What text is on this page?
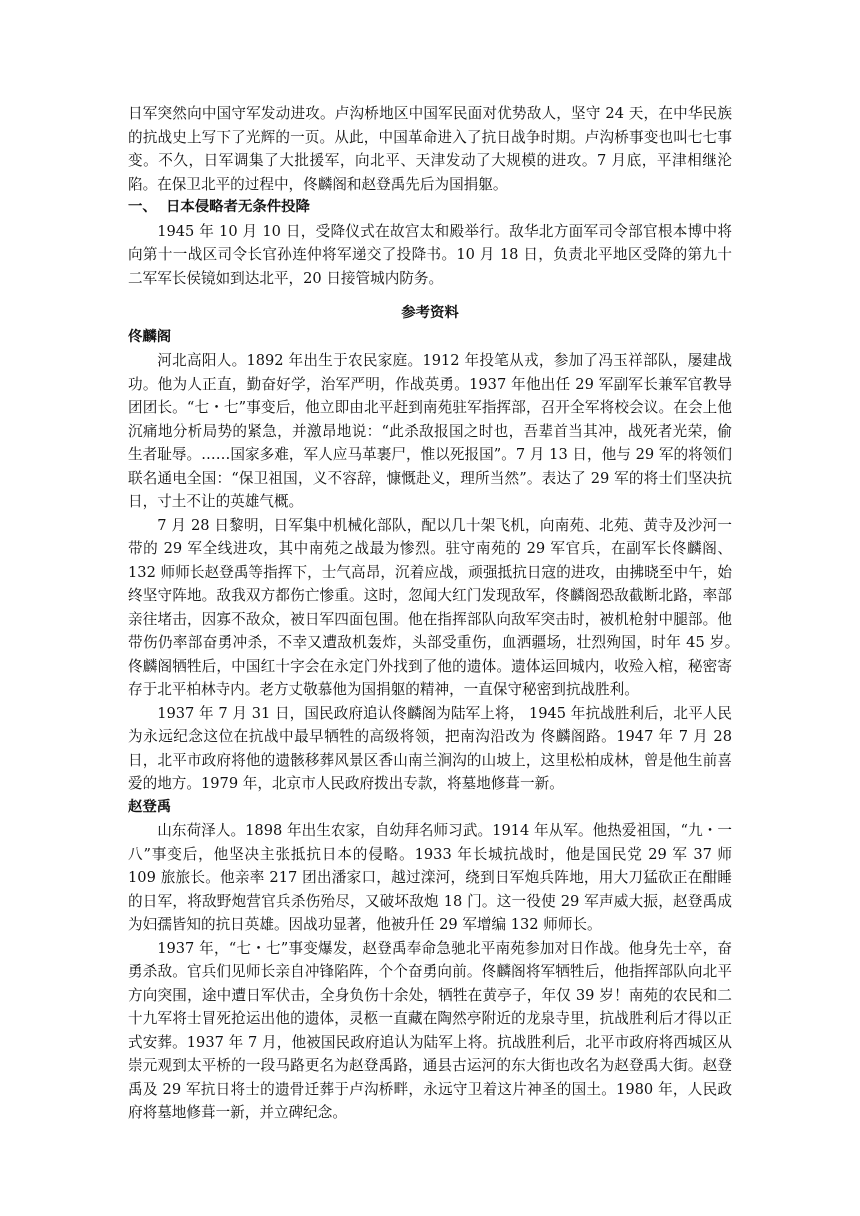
日军突然向中国守军发动进攻。卢沟桥地区中国军民面对优势敌人，坚守 24 天，在中华民族的抗战史上写下了光辉的一页。从此，中国革命进入了抗日战争时期。卢沟桥事变也叫七七事变。不久，日军调集了大批援军，向北平、天津发动了大规模的进攻。7 月底，平津相继沦陷。在保卫北平的过程中，佟麟阁和赵登禹先后为国捐躯。

一、 日本侵略者无条件投降

1945 年 10 月 10 日，受降仪式在故宫太和殿举行。敌华北方面军司令部官根本博中将向第十一战区司令长官孙连仲将军递交了投降书。10 月 18 日，负责北平地区受降的第九十二军军长侯镜如到达北平，20 日接管城内防务。

参考资料
佟麟阁

河北高阳人。1892 年出生于农民家庭。1912 年投笔从戎，参加了冯玉祥部队，屡建战功。他为人正直，勤奋好学，治军严明，作战英勇。1937 年他出任 29 军副军长兼军官教导团团长。“七・七”事变后，他立即由北平赶到南苑驻军指挥部，召开全军将校会议。在会上他沉痛地分析局势的紧急，并激昂地说：“此杀敌报国之时也，吾辈首当其冲，战死者光荣，偷生者耻辱。……国家多难，军人应马革裹尸，惟以死报国”。7 月 13 日，他与 29 军的将领们联名通电全国：“保卫祖国，义不容辞，慷慨赴义，理所当然”。表达了 29 军的将士们坚决抗日，寸土不让的英雄气概。

7 月 28 日黎明，日军集中机械化部队，配以几十架飞机，向南苑、北苑、黄寺及沙河一带的 29 军全线进攻，其中南苑之战最为惨烈。驻守南苑的 29 军官兵，在副军长佟麟阁、132 师师长赵登禹等指挥下，士气高昂，沉着应战，顽强抵抗日寇的进攻，由拂晓至中午，始终坚守阵地。敌我双方都伤亡惨重。这时，忽闻大红门发现敌军，佟麟阁恐敌截断北路，率部亲往堵击，因寡不敌众，被日军四面包围。他在指挥部队向敌军突击时，被机枪射中腿部。他带伤仍率部奋勇冲杀，不幸又遭敌机轰炸，头部受重伤，血洒疆场，壮烈殉国，时年 45 岁。　佟麟阁牺牲后，中国红十字会在永定门外找到了他的遗体。遗体运回城内，收殓入棺，秘密寄存于北平柏林寺内。老方丈敬慕他为国捐躯的精神，一直保守秘密到抗战胜利。

1937 年 7 月 31 日，国民政府追认佟麟阁为陆军上将， 1945 年抗战胜利后，北平人民为永远纪念这位在抗战中最早牺牲的高级将领，把南沟沿改为 佟麟阁路。1947 年 7 月 28 日，北平市政府将他的遗骸移葬风景区香山南兰涧沟的山坡上，这里松柏成林，曾是他生前喜爱的地方。1979 年，北京市人民政府拨出专款，将墓地修葺一新。

赵登禹

山东荷泽人。1898 年出生农家，自幼拜名师习武。1914 年从军。他热爱祖国，“九・一八”事变后，他坚决主张抵抗日本的侵略。1933 年长城抗战时，他是国民党 29 军 37 师 109 旅旅长。他亲率 217 团出潘家口，越过滦河，绕到日军炮兵阵地，用大刀猛砍正在酣睡的日军，将敌野炮营官兵杀伤殆尽，又破坏敌炮 18 门。这一役使 29 军声威大振，赵登禹成为妇孺皆知的抗日英雄。因战功显著，他被升任 29 军增编 132 师师长。

1937 年，“七・七”事变爆发，赵登禹奉命急驰北平南苑参加对日作战。他身先士卒，奋勇杀敌。官兵们见师长亲自冲锋陷阵，个个奋勇向前。佟麟阁将军牺牲后，他指挥部队向北平方向突围，途中遭日军伏击，全身负伤十余处，牺牲在黄亭子，年仅 39 岁！南苑的农民和二十九军将士冒死抢运出他的遗体，灵柩一直藏在陶然亭附近的龙泉寺里，抗战胜利后才得以正式安葬。1937 年 7 月，他被国民政府追认为陆军上将。抗战胜利后，北平市政府将西城区从崇元观到太平桥的一段马路更名为赵登禹路，通县古运河的东大街也改名为赵登禹大街。赵登禹及 29 军抗日将士的遗骨迁葬于卢沟桥畔，永远守卫着这片神圣的国土。1980 年，人民政府将墓地修葺一新，并立碑纪念。
